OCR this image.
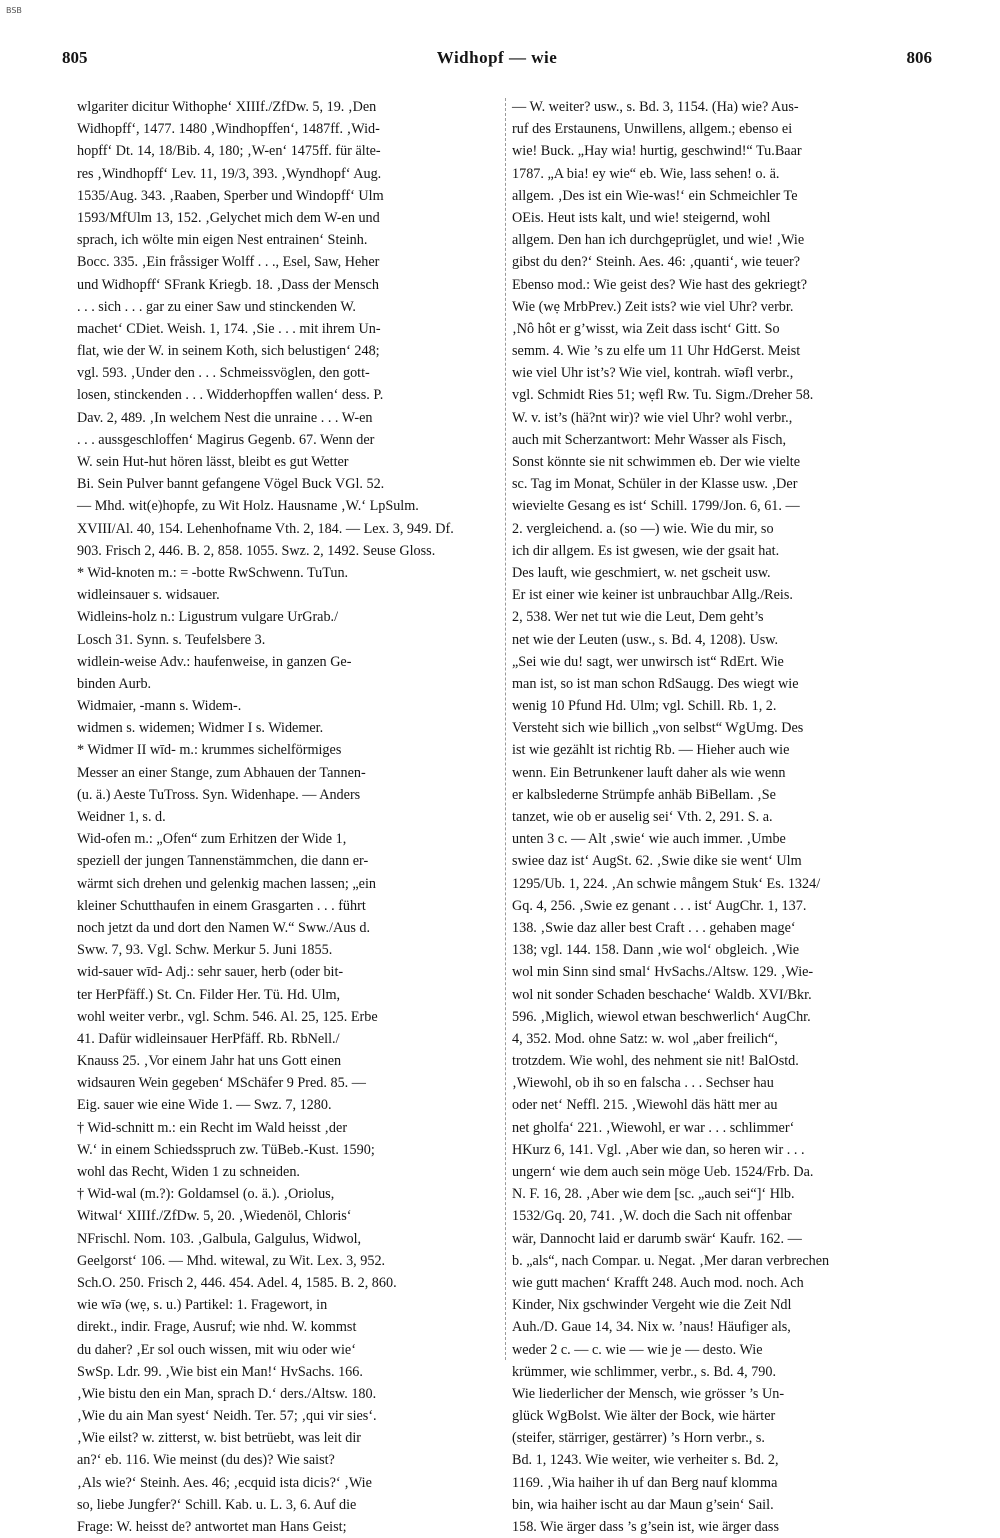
BSB
805	Widhopf — wie	806
wlgariter dicitur Withophe‘ XIIIf./ZfDw. 5, 19. ‚Den
Widhopff‘, 1477. 1480 ‚Windhopffen‘, 1487ff. ‚Wid-
hopff‘ Dt. 14, 18/Bib. 4, 180; ‚W-en‘ 1475ff. für älte-
res ‚Windhopff‘ Lev. 11, 19/3, 393. ‚Wyndhopf‘ Aug.
1535/Aug. 343. ‚Raaben, Sperber und Windopff‘ Ulm
1593/MfUlm 13, 152. ‚Gelychet mich dem W-en und
sprach, ich wölte min eigen Nest entrainen‘ Steinh.
Bocc. 335. ‚Ein fråssiger Wolff . . ., Esel, Saw, Heher
und Widhopff‘ SFrank Kriegb. 18. ‚Dass der Mensch
. . . sich . . . gar zu einer Saw und stinckenden W.
machet‘ CDiet. Weish. 1, 174. ‚Sie . . . mit ihrem Un-
flat, wie der W. in seinem Koth, sich belustigen‘ 248;
vgl. 593. ‚Under den . . . Schmeissvöglen, den gott-
losen, stinckenden . . . Widderhopffen wallen‘ dess. P.
Dav. 2, 489. ‚In welchem Nest die unraine . . . W-en
. . . aussgeschloffen‘ Magirus Gegenb. 67. Wenn der
W. sein Hut-hut hören lässt, bleibt es gut Wetter
Bi. Sein Pulver bannt gefangene Vögel Buck VGl. 52.
— Mhd. wit(e)hopfe, zu Wit Holz. Hausname ‚W.‘ LpSulm.
XVIII/Al. 40, 154. Lehenhofname Vth. 2, 184. — Lex. 3, 949. Df.
903. Frisch 2, 446. B. 2, 858. 1055. Swz. 2, 1492. Seuse Gloss.
* Wid-knoten m.: = -botte RwSchwenn. TuTun.
widleinsauer s. widsauer.
Widleins-holz n.: Ligustrum vulgare UrGrab./
Losch 31. Synn. s. Teufelsbere 3.
widlein-weise Adv.: haufenweise, in ganzen Ge-
binden Aurb.
Widmaier, -mann s. Widem-.
widmen s. widemen; Widmer I s. Widemer.
* Widmer II wīd- m.: krummes sichelförmiges
Messer an einer Stange, zum Abhauen der Tannen-
(u. ä.) Aeste TuTross. Syn. Widenhape. — Anders
Weidner 1, s. d.
Wid-ofen m.: „Ofen“ zum Erhitzen der Wide 1,
speziell der jungen Tannenstämmchen, die dann er-
wärmt sich drehen und gelenkig machen lassen; „ein
kleiner Schutthaufen in einem Grasgarten . . . führt
noch jetzt da und dort den Namen W.“ Sww./Aus d.
Sww. 7, 93. Vgl. Schw. Merkur 5. Juni 1855.
wid-sauer wīd- Adj.: sehr sauer, herb (oder bit-
ter HerPfäff.) St. Cn. Filder Her. Tü. Hd. Ulm,
wohl weiter verbr., vgl. Schm. 546. Al. 25, 125. Erbe
41. Dafür widleinsauer HerPfäff. Rb. RbNell./
Knauss 25. ‚Vor einem Jahr hat uns Gott einen
widsauren Wein gegeben‘ MSchäfer 9 Pred. 85. —
Eig. sauer wie eine Wide 1. — Swz. 7, 1280.
† Wid-schnitt m.: ein Recht im Wald heisst ‚der
W.‘ in einem Schiedsspruch zw. TüBeb.-Kust. 1590;
wohl das Recht, Widen 1 zu schneiden.
† Wid-wal (m.?): Goldamsel (o. ä.). ‚Oriolus,
Witwal‘ XIIIf./ZfDw. 5, 20. ‚Wiedenöl, Chloris‘
NFrischl. Nom. 103. ‚Galbula, Galgulus, Widwol,
Geelgorst‘ 106. — Mhd. witewal, zu Wit. Lex. 3, 952.
Sch.O. 250. Frisch 2, 446. 454. Adel. 4, 1585. B. 2, 860.
wie wīə (wẹ, s. u.) Partikel: 1. Fragewort, in
direkt., indir. Frage, Ausruf; wie nhd. W. kommst
du daher? ‚Er sol ouch wissen, mit wiu oder wie‘
SwSp. Ldr. 99. ‚Wie bist ein Man!‘ HvSachs. 166.
‚Wie bistu den ein Man, sprach D.‘ ders./Altsw. 180.
‚Wie du ain Man syest‘ Neidh. Ter. 57; ‚qui vir sies‘.
‚Wie eilst? w. zitterst, w. bist betrüebt, was leit dir
an?‘ eb. 116. Wie meinst (du des)? Wie saist?
‚Als wie?‘ Steinh. Aes. 46; ‚ecquid ista dicis?‘ ‚Wie
so, liebe Jungfer?‘ Schill. Kab. u. L. 3, 6. Auf die
Frage: W. heisst de? antwortet man Hans Geist;
— W. weiter? usw., s. Bd. 3, 1154. (Ha) wie? Aus-
ruf des Erstaunens, Unwillens, allgem.; ebenso ei
wie! Buck. „Hay wia! hurtig, geschwind!“ Tu.Baar
1787. „A bia! ey wie“ eb. Wie, lass sehen! o. ä.
allgem. ‚Des ist ein Wie-was!‘ ein Schmeichler Te
OEis. Heut ists kalt, und wie! steigernd, wohl
allgem. Den han ich durchgeprüglet, und wie! ‚Wie
gibst du den?‘ Steinh. Aes. 46: ‚quanti‘, wie teuer?
Ebenso mod.: Wie geist des? Wie hast des gekriegt?
Wie (wẹ MrbPrev.) Zeit ists? wie viel Uhr? verbr.
‚Nô hôt er g’wisst, wia Zeit dass ischt‘ Gitt. So
semm. 4. Wie ’s zu elfe um 11 Uhr HdGerst. Meist
wie viel Uhr ist’s? Wie viel, kontrah. wīəfl verbr.,
vgl. Schmidt Ries 51; wẹfl Rw. Tu. Sigm./Dreher 58.
W. v. ist’s (hä?nt wir)? wie viel Uhr? wohl verbr.,
auch mit Scherzantwort: Mehr Wasser als Fisch,
Sonst könnte sie nit schwimmen eb. Der wie vielte
sc. Tag im Monat, Schüler in der Klasse usw. ‚Der
wievielte Gesang es ist‘ Schill. 1799/Jon. 6, 61. —
2. vergleichend. a. (so —) wie. Wie du mir, so
ich dir allgem. Es ist gwesen, wie der gsait hat.
Des lauft, wie geschmiert, w. net gscheit usw.
Er ist einer wie keiner ist unbrauchbar Allg./Reis.
2, 538. Wer net tut wie die Leut, Dem geht’s
net wie der Leuten (usw., s. Bd. 4, 1208). Usw.
„Sei wie du! sagt, wer unwirsch ist“ RdErt. Wie
man ist, so ist man schon RdSaugg. Des wiegt wie
wenig 10 Pfund Hd. Ulm; vgl. Schill. Rb. 1, 2.
Versteht sich wie billich „von selbst“ WgUmg. Des
ist wie gezählt ist richtig Rb. — Hieher auch wie
wenn. Ein Betrunkener lauft daher als wie wenn
er kalbslederne Strümpfe anhäb BiBellam. ‚Se
tanzet, wie ob er auselig sei‘ Vth. 2, 291. S. a.
unten 3 c. — Alt ‚swie‘ wie auch immer. ‚Umbe
swiee daz ist‘ AugSt. 62. ‚Swie dike sie went‘ Ulm
1295/Ub. 1, 224. ‚An schwie mångem Stuk‘ Es. 1324/
Gq. 4, 256. ‚Swie ez genant . . . ist‘ AugChr. 1, 137.
138. ‚Swie daz aller best Craft . . . gehaben mage‘
138; vgl. 144. 158. Dann ‚wie wol‘ obgleich. ‚Wie
wol min Sinn sind smal‘ HvSachs./Altsw. 129. ‚Wie-
wol nit sonder Schaden beschache‘ Waldb. XVI/Bkr.
596. ‚Miglich, wiewol etwan beschwerlich‘ AugChr.
4, 352. Mod. ohne Satz: w. wol „aber freilich“,
trotzdem. Wie wohl, des nehment sie nit! BalOstd.
‚Wiewohl, ob ih so en falscha . . . Sechser hau
oder net‘ Neffl. 215. ‚Wiewohl däs hätt mer au
net gholfa‘ 221. ‚Wiewohl, er war . . . schlimmer‘
HKurz 6, 141. Vgl. ‚Aber wie dan, so heren wir . . .
ungern‘ wie dem auch sein möge Ueb. 1524/Frb. Da.
N. F. 16, 28. ‚Aber wie dem [sc. „auch sei“]‘ Hlb.
1532/Gq. 20, 741. ‚W. doch die Sach nit offenbar
wär, Dannocht laid er darumb swär‘ Kaufr. 162. —
b. „als“, nach Compar. u. Negat. ‚Mer daran verbrechen
wie gutt machen‘ Krafft 248. Auch mod. noch. Ach
Kinder, Nix gschwinder Vergeht wie die Zeit Ndl
Auh./D. Gaue 14, 34. Nix w. ’naus! Häufiger als,
weder 2 c. — c. wie — wie je — desto. Wie
krümmer, wie schlimmer, verbr., s. Bd. 4, 790.
Wie liederlicher der Mensch, wie grösser ’s Un-
glück WgBolst. Wie älter der Bock, wie härter
(steifer, stärriger, gestärrer) ’s Horn verbr., s.
Bd. 1, 1243. Wie weiter, wie verheiter s. Bd. 2,
1169. ‚Wia haiher ih uf dan Berg nauf klomma
bin, wia haiher ischt au dar Maun g’sein‘ Sail.
158. Wie ärger dass ’s g’sein ist, wie ärger dass
